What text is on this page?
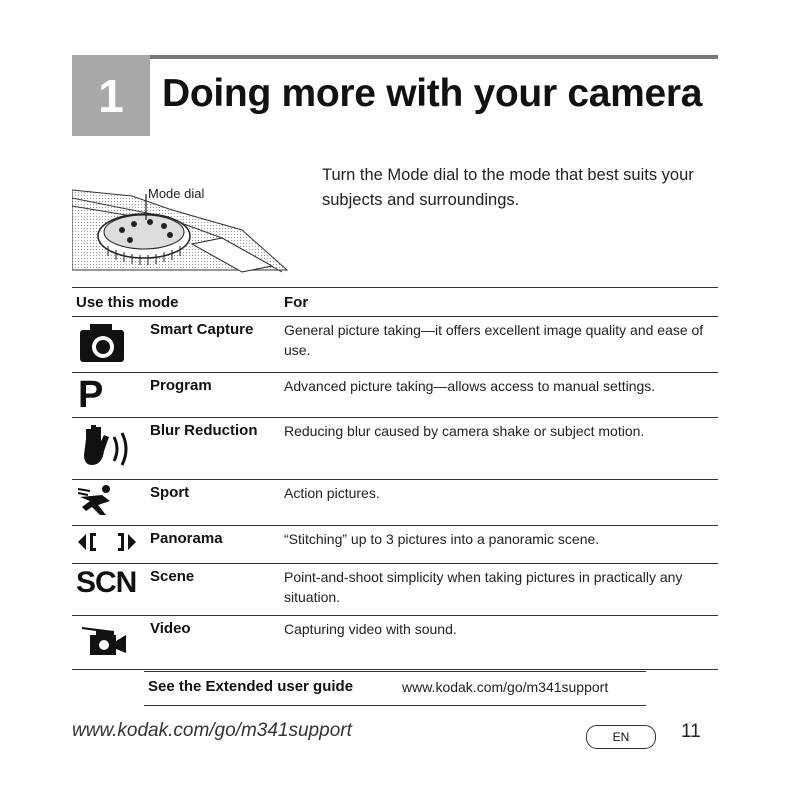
1 Doing more with your camera
Mode dial
Turn the Mode dial to the mode that best suits your subjects and surroundings.
Use this mode		For
	Smart Capture	General picture taking—it offers excellent image quality and ease of use.
P	Program	Advanced picture taking—allows access to manual settings.
	Blur Reduction	Reducing blur caused by camera shake or subject motion.
	Sport	Action pictures.
	Panorama	“Stitching” up to 3 pictures into a panoramic scene.
SCN	Scene	Point-and-shoot simplicity when taking pictures in practically any situation.
	Video	Capturing video with sound.
See the Extended user guide	www.kodak.com/go/m341support
www.kodak.com/go/m341support	EN	11
